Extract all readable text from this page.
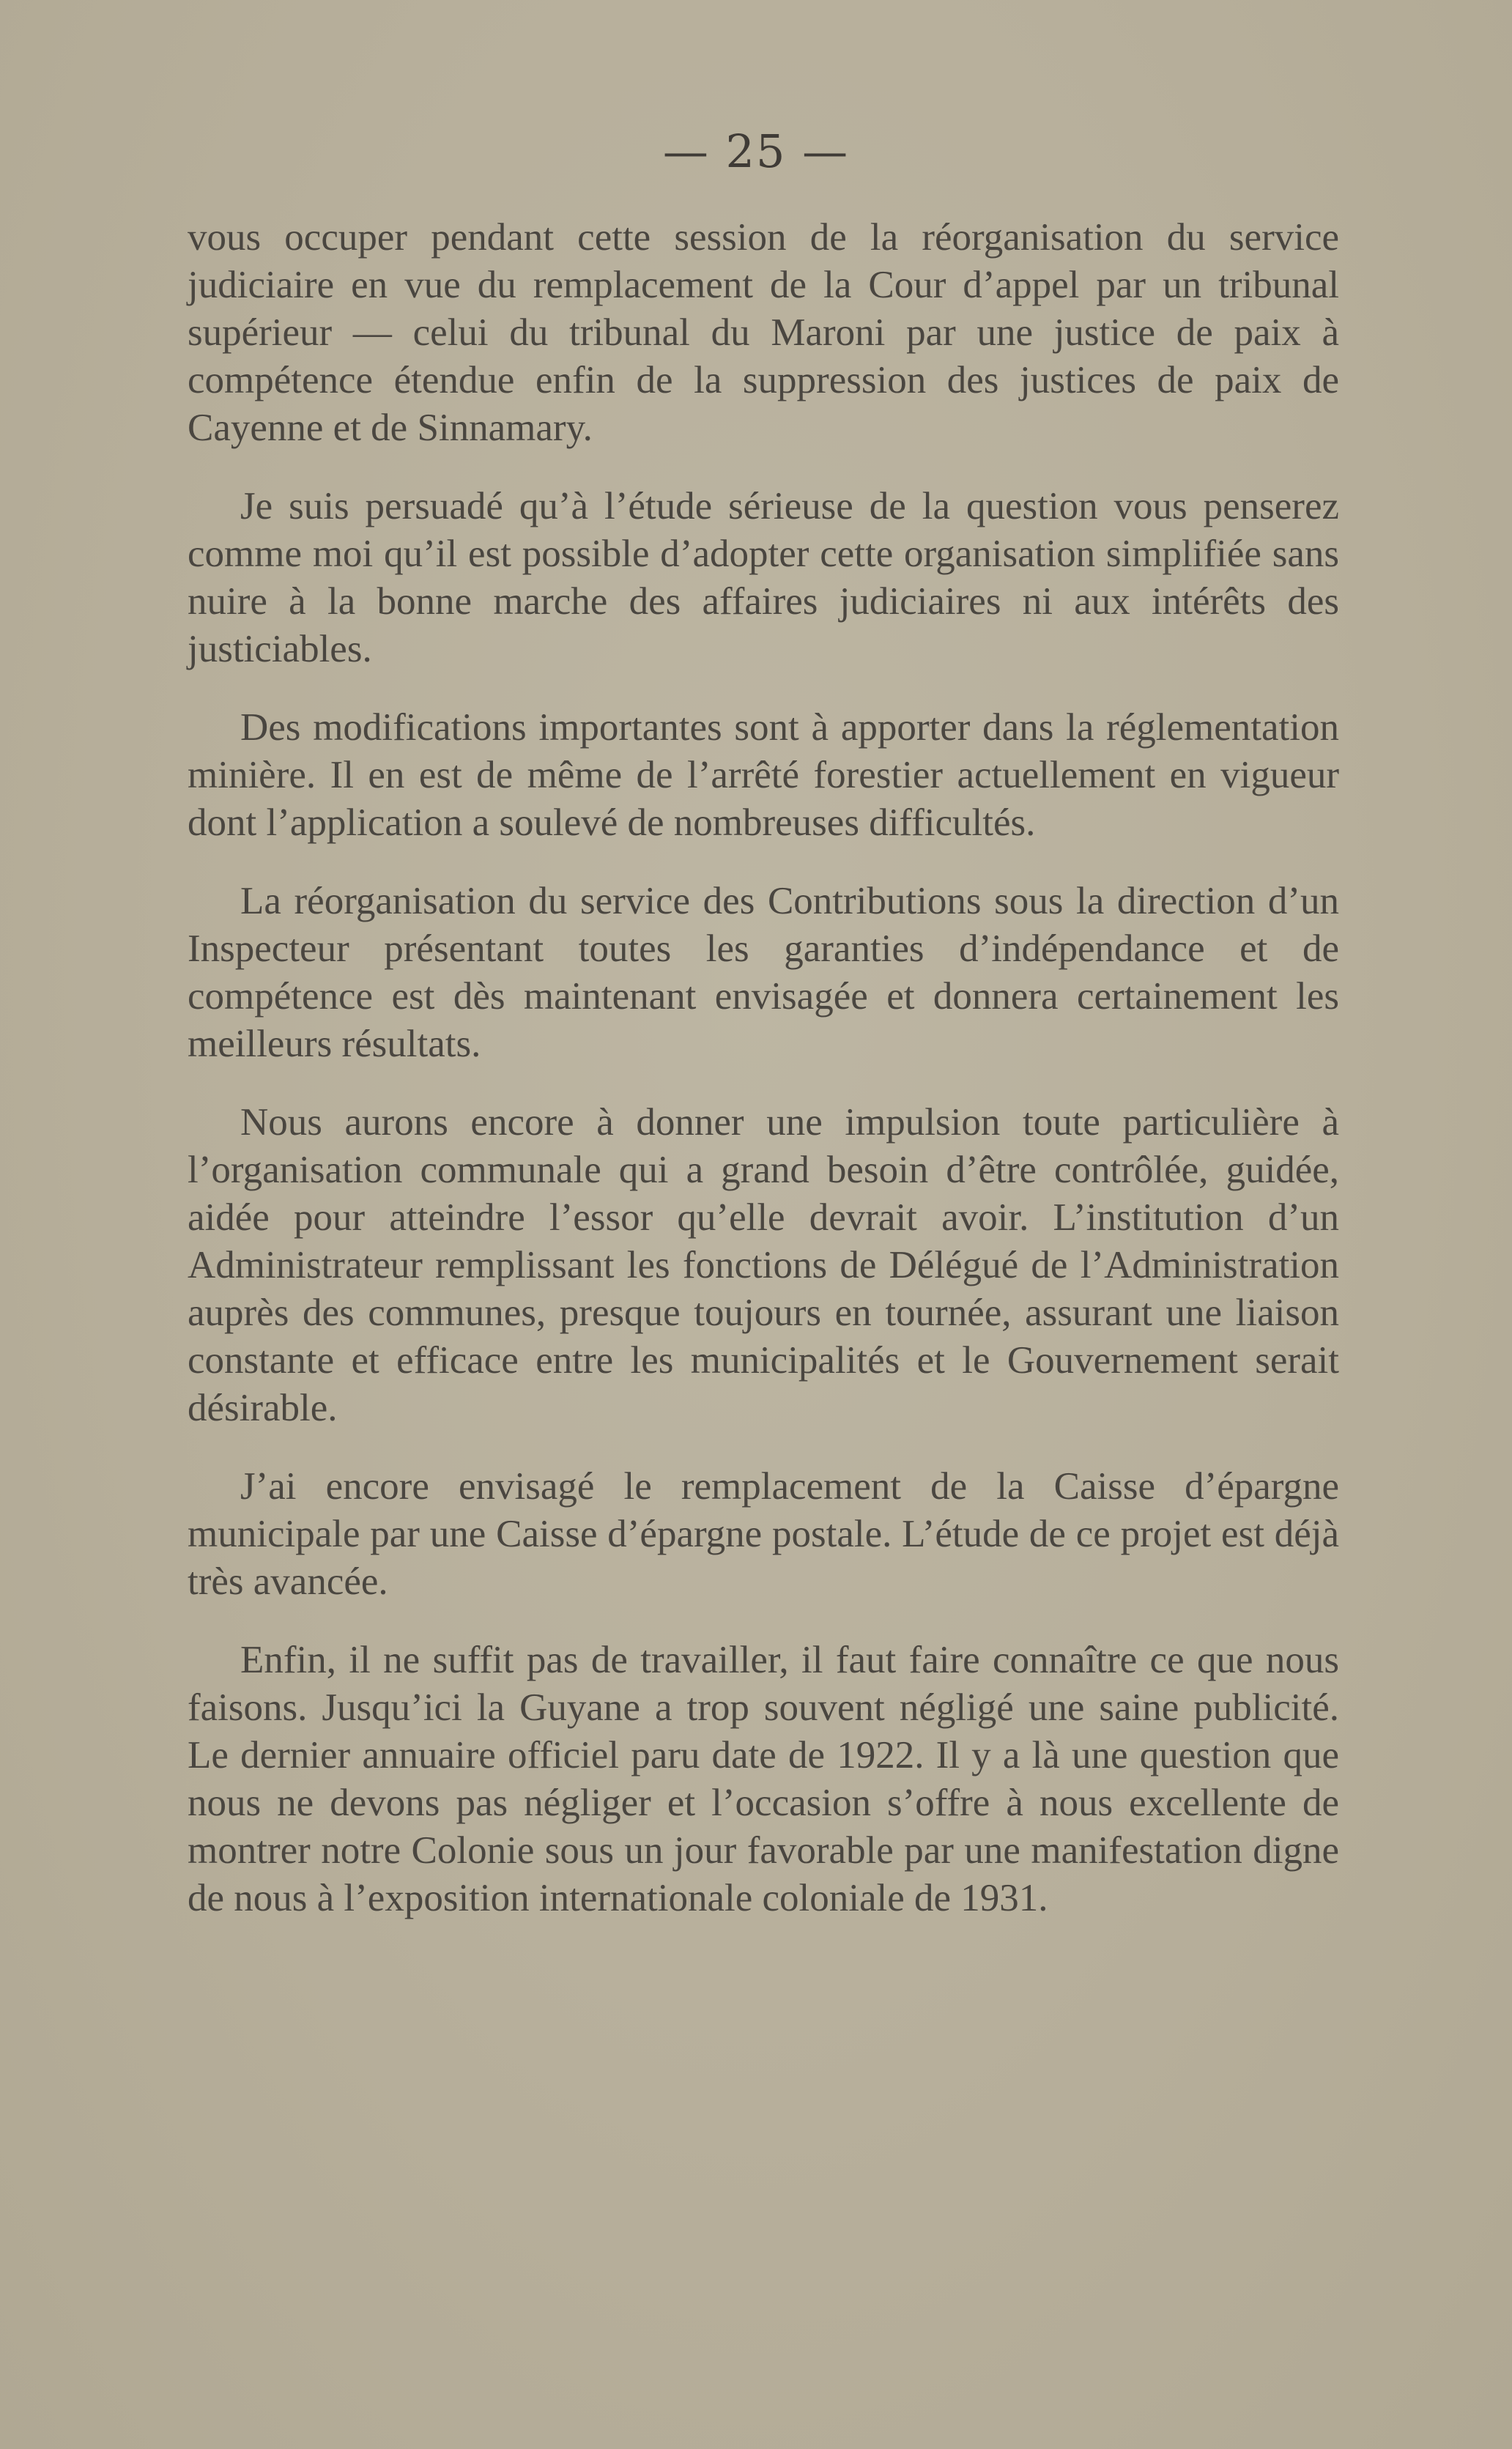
— 25 —

vous occuper pendant cette session de la réorganisation du service judiciaire en vue du remplacement de la Cour d’appel par un tribunal supérieur — celui du tribunal du Maroni par une justice de paix à compétence étendue enfin de la suppression des justices de paix de Cayenne et de Sinnamary.

Je suis persuadé qu’à l’étude sérieuse de la question vous penserez comme moi qu’il est possible d’adopter cette organisation simplifiée sans nuire à la bonne marche des affaires judiciaires ni aux intérêts des justiciables.

Des modifications importantes sont à apporter dans la réglementation minière. Il en est de même de l’arrêté forestier actuellement en vigueur dont l’application a soulevé de nombreuses difficultés.

La réorganisation du service des Contributions sous la direction d’un Inspecteur présentant toutes les garanties d’indépendance et de compétence est dès maintenant envisagée et donnera certainement les meilleurs résultats.

Nous aurons encore à donner une impulsion toute particulière à l’organisation communale qui a grand besoin d’être contrôlée, guidée, aidée pour atteindre l’essor qu’elle devrait avoir. L’institution d’un Administrateur remplissant les fonctions de Délégué de l’Administration auprès des communes, presque toujours en tournée, assurant une liaison constante et efficace entre les municipalités et le Gouvernement serait désirable.

J’ai encore envisagé le remplacement de la Caisse d’épargne municipale par une Caisse d’épargne postale. L’étude de ce projet est déjà très avancée.

Enfin, il ne suffit pas de travailler, il faut faire connaître ce que nous faisons. Jusqu’ici la Guyane a trop souvent négligé une saine publicité. Le dernier annuaire officiel paru date de 1922. Il y a là une question que nous ne devons pas négliger et l’occasion s’offre à nous excellente de montrer notre Colonie sous un jour favorable par une manifestation digne de nous à l’exposition internationale coloniale de 1931.
